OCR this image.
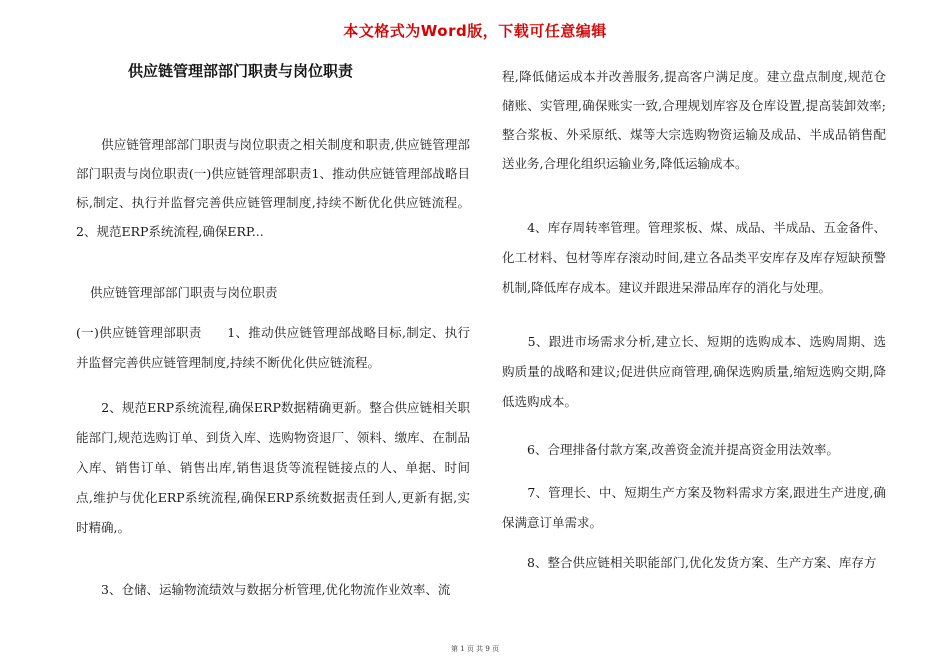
本文格式为Word版，下载可任意编辑
供应链管理部部门职责与岗位职责

　　供应链管理部部门职责与岗位职责之相关制度和职责,供应链管理部部门职责与岗位职责(一)供应链管理部职责1、推动供应链管理部战略目标,制定、执行并监督完善供应链管理制度,持续不断优化供应链流程。2、规范ERP系统流程,确保ERP...

供应链管理部部门职责与岗位职责

(一)供应链管理部职责　　1、推动供应链管理部战略目标,制定、执行并监督完善供应链管理制度,持续不断优化供应链流程。

　　2、规范ERP系统流程,确保ERP数据精确更新。整合供应链相关职能部门,规范选购订单、到货入库、选购物资退厂、领料、缴库、在制品入库、销售订单、销售出库,销售退货等流程链接点的人、单据、时间点,维护与优化ERP系统流程,确保ERP系统数据责任到人,更新有据,实时精确,。

　　3、仓储、运输物流绩效与数据分析管理,优化物流作业效率、流

程,降低储运成本并改善服务,提高客户满足度。建立盘点制度,规范仓储账、实管理,确保账实一致,合理规划库容及仓库设置,提高装卸效率;整合浆板、外采原纸、煤等大宗选购物资运输及成品、半成品销售配送业务,合理化组织运输业务,降低运输成本。

　　4、库存周转率管理。管理浆板、煤、成品、半成品、五金备件、化工材料、包材等库存滚动时间,建立各品类平安库存及库存短缺预警机制,降低库存成本。建议并跟进呆滞品库存的消化与处理。

　　5、跟进市场需求分析,建立长、短期的选购成本、选购周期、选购质量的战略和建议;促进供应商管理,确保选购质量,缩短选购交期,降低选购成本。

　　6、合理排备付款方案,改善资金流并提高资金用法效率。

　　7、管理长、中、短期生产方案及物料需求方案,跟进生产进度,确保满意订单需求。

　　8、整合供应链相关职能部门,优化发货方案、生产方案、库存方

第 1 页 共 9 页
